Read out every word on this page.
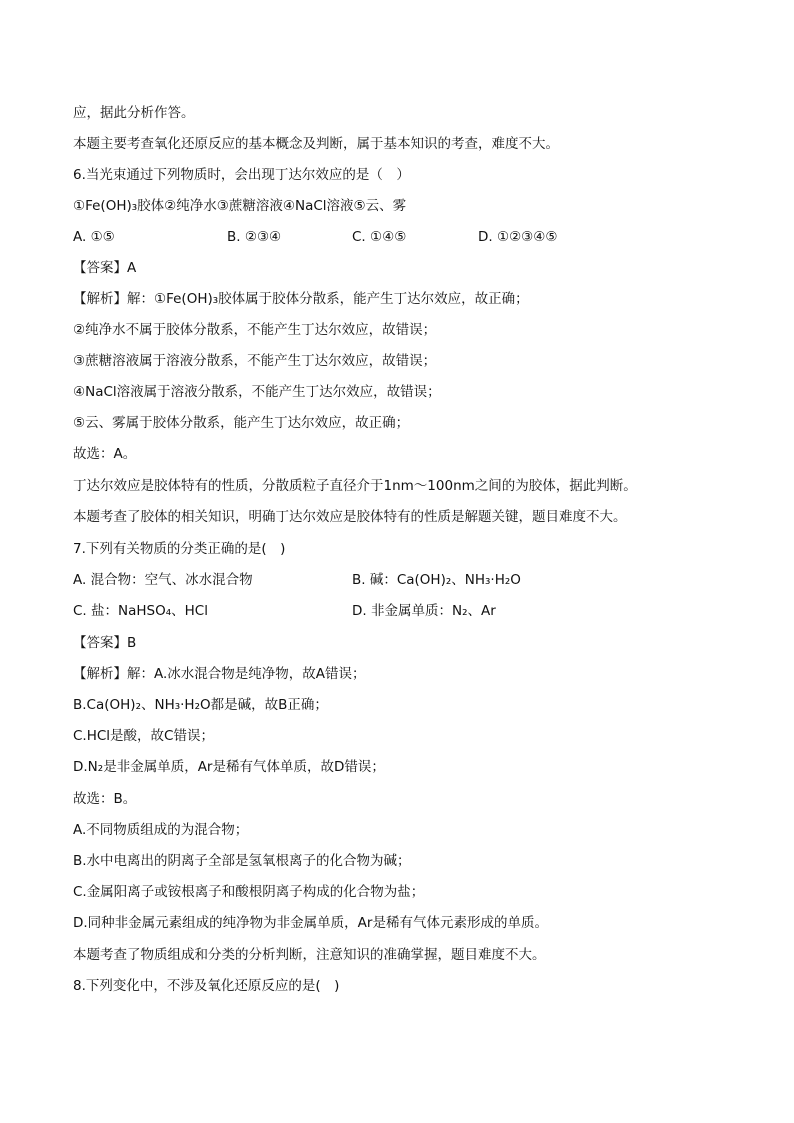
应，据此分析作答。
本题主要考查氧化还原反应的基本概念及判断，属于基本知识的考查，难度不大。
6.当光束通过下列物质时，会出现丁达尔效应的是（　）
①Fe(OH)₃胶体②纯净水③蔗糖溶液④NaCl溶液⑤云、雾
A. ①⑤	B. ②③④	C. ①④⑤	D. ①②③④⑤
【答案】A
【解析】解：①Fe(OH)₃胶体属于胶体分散系，能产生丁达尔效应，故正确；
②纯净水不属于胶体分散系，不能产生丁达尔效应，故错误；
③蔗糖溶液属于溶液分散系，不能产生丁达尔效应，故错误；
④NaCl溶液属于溶液分散系，不能产生丁达尔效应，故错误；
⑤云、雾属于胶体分散系，能产生丁达尔效应，故正确；
故选：A。
丁达尔效应是胶体特有的性质，分散质粒子直径介于1nm～100nm之间的为胶体，据此判断。
本题考查了胶体的相关知识，明确丁达尔效应是胶体特有的性质是解题关键，题目难度不大。
7.下列有关物质的分类正确的是(　)
A. 混合物：空气、冰水混合物	B. 碱：Ca(OH)₂、NH₃·H₂O
C. 盐：NaHSO₄、HCl	D. 非金属单质：N₂、Ar
【答案】B
【解析】解：A.冰水混合物是纯净物，故A错误；
B.Ca(OH)₂、NH₃·H₂O都是碱，故B正确；
C.HCl是酸，故C错误；
D.N₂是非金属单质，Ar是稀有气体单质，故D错误；
故选：B。
A.不同物质组成的为混合物；
B.水中电离出的阴离子全部是氢氧根离子的化合物为碱；
C.金属阳离子或铵根离子和酸根阴离子构成的化合物为盐；
D.同种非金属元素组成的纯净物为非金属单质，Ar是稀有气体元素形成的单质。
本题考查了物质组成和分类的分析判断，注意知识的准确掌握，题目难度不大。
8.下列变化中，不涉及氧化还原反应的是(　)
